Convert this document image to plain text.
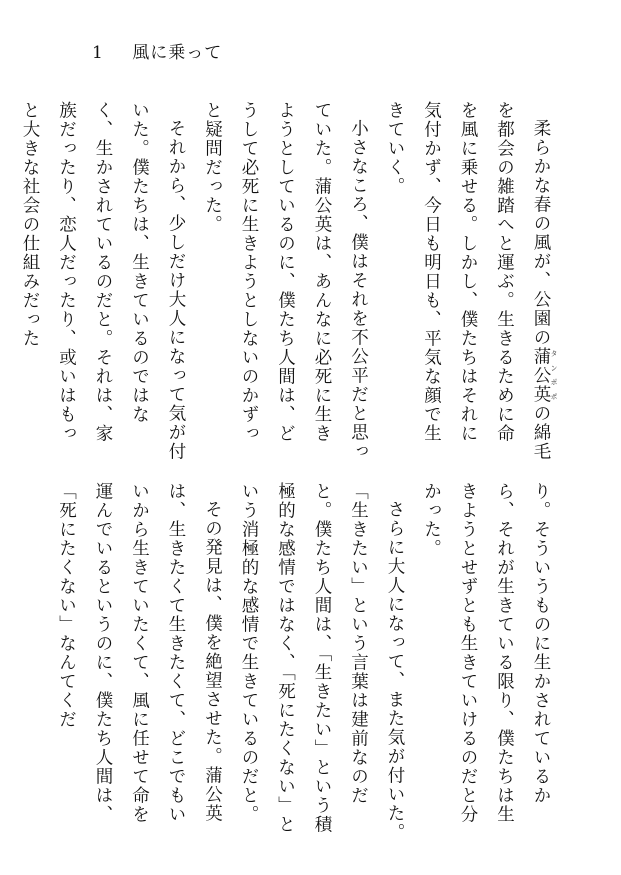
1 風に乗って

柔らかな春の風が、公園の蒲公英 タンポポの綿毛を都会の雑踏へと運ぶ。生きるために命を風に乗せる。しかし、僕たちはそれに気付かず、今日も明日も、平気な顔で生きていく。

小さなころ、僕はそれを不公平だと思っていた。蒲公英は、あんなに必死に生きようとしているのに、僕たち人間は、どうして必死に生きようとしないのかずっと疑問だった。

それから、少しだけ大人になって気が付いた。僕たちは、生きているのではなく、生かされているのだと。それは、家族だったり、恋人だったり、或いはもっと大きな社会の仕組みだった

り。そういうものに生かされているから、それが生きている限り、僕たちは生きようとせずとも生きていけるのだと分かった。

さらに大人になって、また気が付いた。「生きたい」という言葉は建前なのだと。僕たち人間は、「生きたい」という積極的な感情ではなく、「死にたくない」という消極的な感情で生きているのだと。

その発見は、僕を絶望させた。蒲公英は、生きたくて生きたくて、どこでもいいから生きていたくて、風に任せて命を運んでいるというのに、僕たち人間は、「死にたくない」なんてくだ
